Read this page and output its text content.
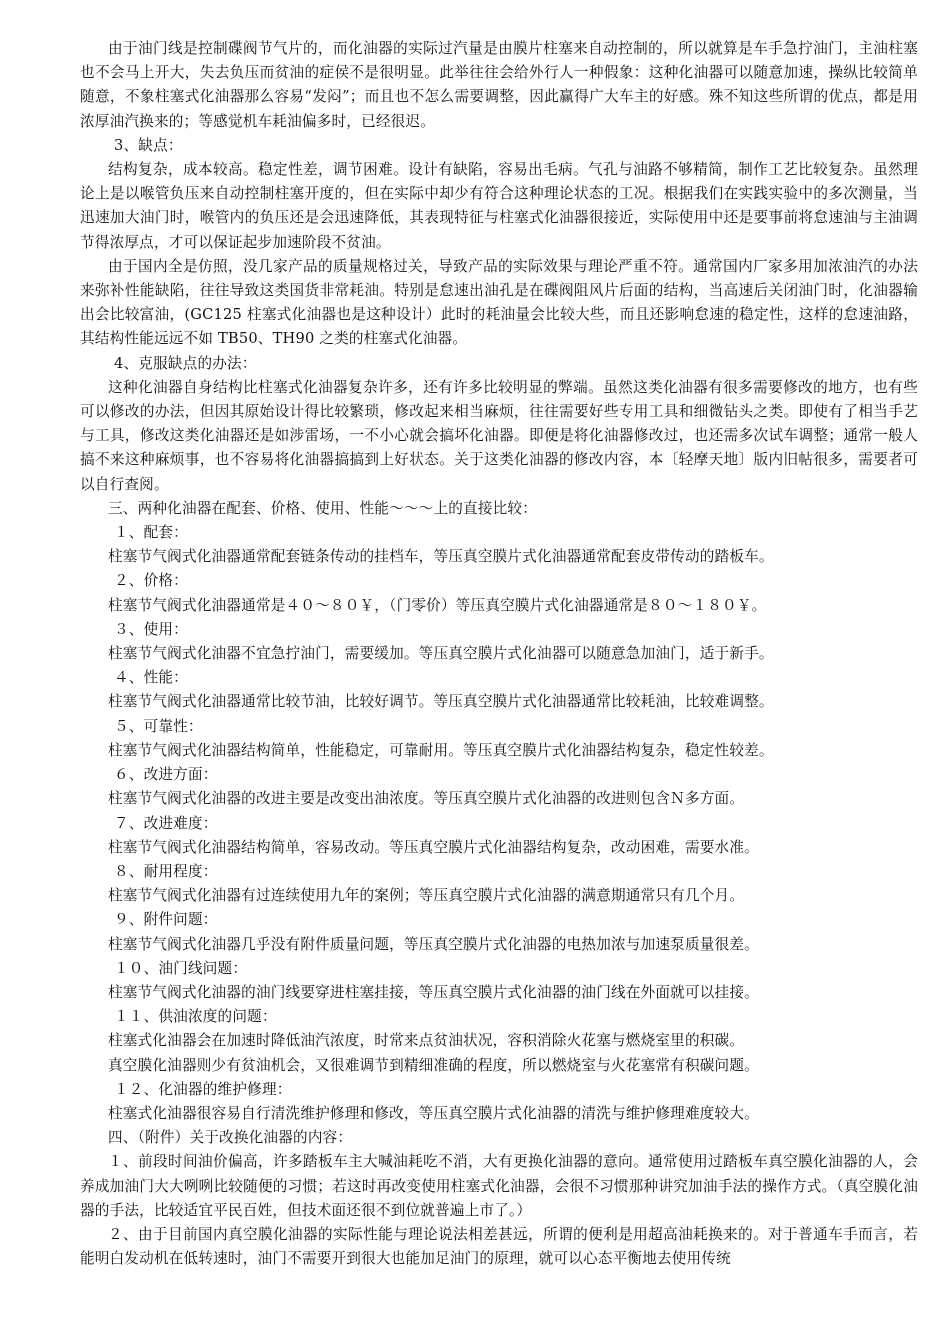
由于油门线是控制碟阀节气片的，而化油器的实际过汽量是由膜片柱塞来自动控制的，所以就算是车手急拧油门，主油柱塞也不会马上开大，失去负压而贫油的症侯不是很明显。此举往往会给外行人一种假象：这种化油器可以随意加速，操纵比较简单随意，不象柱塞式化油器那么容易“发闷”；而且也不怎么需要调整，因此赢得广大车主的好感。殊不知这些所谓的优点，都是用浓厚油汽换来的；等感觉机车耗油偏多时，已经很迟。

3、缺点：

结构复杂，成本较高。稳定性差，调节困难。设计有缺陷，容易出毛病。气孔与油路不够精简，制作工艺比较复杂。虽然理论上是以喉管负压来自动控制柱塞开度的，但在实际中却少有符合这种理论状态的工况。根据我们在实践实验中的多次测量，当迅速加大油门时，喉管内的负压还是会迅速降低，其表现特征与柱塞式化油器很接近，实际使用中还是要事前将怠速油与主油调节得浓厚点，才可以保证起步加速阶段不贫油。

由于国内全是仿照，没几家产品的质量规格过关，导致产品的实际效果与理论严重不符。通常国内厂家多用加浓油汽的办法来弥补性能缺陷，往往导致这类国货非常耗油。特别是怠速出油孔是在碟阀阻风片后面的结构，当高速后关闭油门时，化油器输出会比较富油，(GC125 柱塞式化油器也是这种设计）此时的耗油量会比较大些，而且还影响怠速的稳定性，这样的怠速油路，其结构性能远远不如 TB50、TH90 之类的柱塞式化油器。

4、克服缺点的办法：

这种化油器自身结构比柱塞式化油器复杂许多，还有许多比较明显的弊端。虽然这类化油器有很多需要修改的地方，也有些可以修改的办法，但因其原始设计得比较繁琐，修改起来相当麻烦，往往需要好些专用工具和细微钻头之类。即使有了相当手艺与工具，修改这类化油器还是如涉雷场，一不小心就会搞坏化油器。即便是将化油器修改过，也还需多次试车调整；通常一般人搞不来这种麻烦事，也不容易将化油器搞搞到上好状态。关于这类化油器的修改内容，本〔轻摩天地〕版内旧帖很多，需要者可以自行查阅。

三、两种化油器在配套、价格、使用、性能～～～上的直接比较：

１、配套：

柱塞节气阀式化油器通常配套链条传动的挂档车，等压真空膜片式化油器通常配套皮带传动的踏板车。

２、价格：

柱塞节气阀式化油器通常是４０～８０￥，（门零价）等压真空膜片式化油器通常是８０～１８０￥。

３、使用：

柱塞节气阀式化油器不宜急拧油门，需要缓加。等压真空膜片式化油器可以随意急加油门，适于新手。

４、性能：

柱塞节气阀式化油器通常比较节油，比较好调节。等压真空膜片式化油器通常比较耗油，比较难调整。

５、可靠性：

柱塞节气阀式化油器结构简单，性能稳定，可靠耐用。等压真空膜片式化油器结构复杂，稳定性较差。

６、改进方面：

柱塞节气阀式化油器的改进主要是改变出油浓度。等压真空膜片式化油器的改进则包含Ｎ多方面。

７、改进难度：

柱塞节气阀式化油器结构简单，容易改动。等压真空膜片式化油器结构复杂，改动困难，需要水准。

８、耐用程度：

柱塞节气阀式化油器有过连续使用九年的案例；等压真空膜片式化油器的满意期通常只有几个月。

９、附件问题：

柱塞节气阀式化油器几乎没有附件质量问题，等压真空膜片式化油器的电热加浓与加速泵质量很差。

１０、油门线问题：

柱塞节气阀式化油器的油门线要穿进柱塞挂接，等压真空膜片式化油器的油门线在外面就可以挂接。

１１、供油浓度的问题：

柱塞式化油器会在加速时降低油汽浓度，时常来点贫油状况，容积消除火花塞与燃烧室里的积碳。

真空膜化油器则少有贫油机会，又很难调节到精细准确的程度，所以燃烧室与火花塞常有积碳问题。

１２、化油器的维护修理：

柱塞式化油器很容易自行清洗维护修理和修改，等压真空膜片式化油器的清洗与维护修理难度较大。

四、（附件）关于改换化油器的内容：

１、前段时间油价偏高，许多踏板车主大喊油耗吃不消，大有更换化油器的意向。通常使用过踏板车真空膜化油器的人，会养成加油门大大咧咧比较随便的习惯；若这时再改变使用柱塞式化油器，会很不习惯那种讲究加油手法的操作方式。（真空膜化油器的手法，比较适宜平民百姓，但技术面还很不到位就普遍上市了。）

２、由于目前国内真空膜化油器的实际性能与理论说法相差甚远，所谓的便利是用超高油耗换来的。对于普通车手而言，若能明白发动机在低转速时，油门不需要开到很大也能加足油门的原理，就可以心态平衡地去使用传统
